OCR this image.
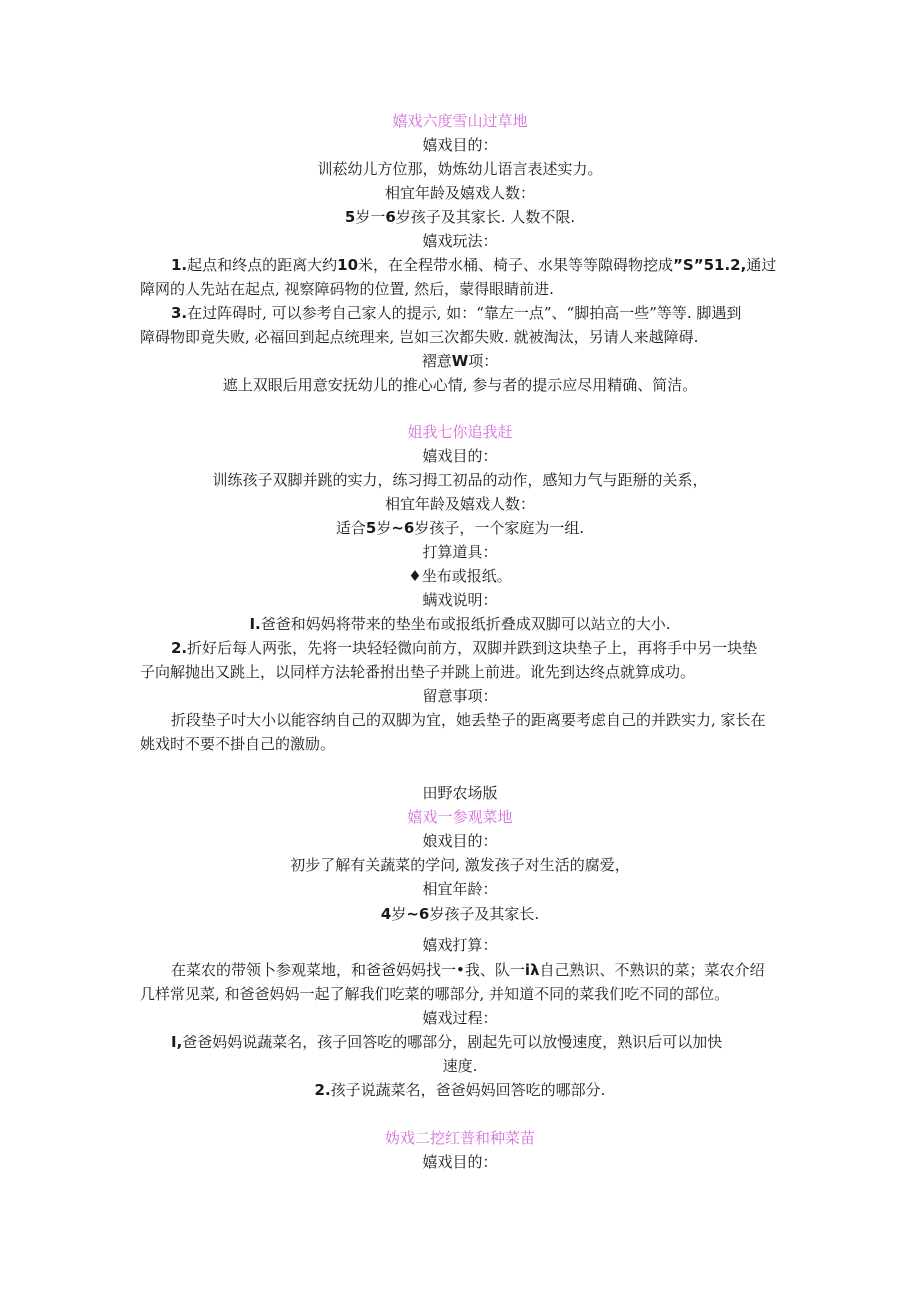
嬉戏六度雪山过草地
嬉戏目的：
训菘幼儿方位那，妫炼幼儿语言表述实力。
相宜年龄及嬉戏人数：
5岁一6岁孩子及其家长. 人数不限.
嬉戏玩法：
1.起点和终点的距离大约10米，在全程带水桶、椅子、水果等等隙碍物挖成”S”51.2,通过
障网的人先站在起点, 视察障码物的位置, 然后，蒙得眼睛前进.
3.在过阵碍时, 可以参考自己家人的提示, 如：“靠左一点”、“脚拍高一些”等等. 脚遇到
障碍物即竟失败, 必福回到起点统理来, 岂如三次都失败. 就被淘汰，另请人来越障碍.
褶意W项：
遮上双眼后用意安抚幼儿的推心心情, 参与者的提示应尽用精确、简洁。
姐我七你追我赶
嬉戏目的：
训练孩子双脚并跳的实力，练习拇工初品的动作，感知力气与距掰的关系，
相宜年龄及嬉戏人数：
适合5岁~6岁孩子，一个家庭为一组.
打算道具：
♦坐布或报纸。
螨戏说明：
I.爸爸和妈妈将带来的垫坐布或报纸折叠成双脚可以站立的大小.
2.折好后每人两张，先将一块轻轻微向前方，双脚并跌到这块垫子上，再将手中另一块垫
子向解抛出又跳上，以同样方法轮番拊出垫子并跳上前进。讹先到达终点就算成功。
留意事项：
折段垫子吋大小以能容纳自己的双脚为宜，她丢垫子的距离要考虑自己的并跌实力, 家长在
姚戏时不要不掛自己的激励。
田野农场版
嬉戏一参观菜地
娘戏目的：
初步了解有关蔬菜的学问, 激发孩子对生活的腐爱，
相宜年龄：
4岁~6岁孩子及其家长.
嬉戏打算：
在菜农的带领卜参观菜地，和爸爸妈妈找一•我、队一iλ自己熟识、不熟识的菜；菜农介绍
几样常见菜, 和爸爸妈妈一起了解我们吃菜的哪部分, 并知道不同的菜我们吃不同的部位。
嬉戏过程：
I,爸爸妈妈说蔬菜名，孩子回答吃的哪部分，剧起先可以放慢速度，熟识后可以加快
速度.
2.孩子说蔬菜名，爸爸妈妈回答吃的哪部分.
妫戏二挖红普和种菜苗
嬉戏目的：
